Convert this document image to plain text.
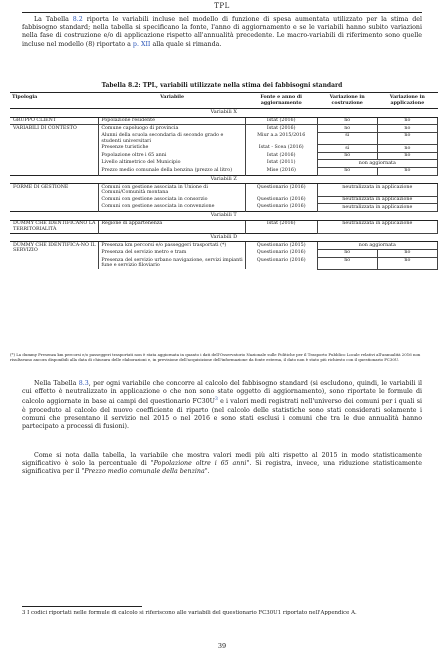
TPL

La Tabella 8.2 riporta le variabili incluse nel modello di funzione di spesa aumentata utilizzato per la stima del fabbisogno standard; nella tabella si specificano la fonte, l'anno di aggiornamento e se le variabili hanno subito variazioni nella fase di costruzione e/o di applicazione rispetto all'annualità precedente. Le macro-variabili di riferimento sono quelle incluse nel modello (8) riportato a p. XII alla quale si rimanda.

Tabella 8.2: TPL, variabili utilizzate nella stima dei fabbisogni standard
Tipologia	Variabile	Fonte e anno di aggiornamento	Variazione in costruzione	Variazione in applicazione
Variabili X				
GRUPPO CLIENT	Popolazione residente	Istat (2016)	no	no
VARIABILI DI CONTESTO	Comune capoluogo di provincia	Istat (2016)	no	no
	Alunni della scuola secondaria di secondo grado e studenti universitari	Miur a.a 2015/2016	si	no
	Presenze turistiche	Istat - Scea (2016)	si	no
	Popolazione oltre i 65 anni	Istat (2016)	no	no
	Livello altimetrico del Municipio	Istat (2011)	non aggiornata	
	Prezzo medio comunale della benzina (prezzo al litro)	Mise (2016)	no	no
Variabili Z				
FORME DI GESTIONE	Comuni con gestione associata in Unione di Comuni/Comunità montana	Questionario (2016)	neutralizzata in applicazione	
	Comuni con gestione associata in consorzio	Questionario (2016)	neutralizzata in applicazione	
	Comuni con gestione associata in convenzione	Questionario (2016)	neutralizzata in applicazione	
Variabili T				
DUMMY CHE IDENTIFICANO LA TERRITORIALITÀ	Regione di appartenenza	Istat (2016)	neutralizzata in applicazione	
Variabili D				
DUMMY CHE IDENTIFICA-NO IL SERVIZIO	Presenza km percorsi e/o passeggeri trasportati (*)	Questionario (2015)	non aggiornata	
	Presenza del servizio metro e tram	Questionario (2016)	no	no
	Presenza del servizio urbano navigazione, servizi impianti fune e servizio filoviario	Questionario (2016)	no	no

(*) La dummy Presenza km percorsi e/o passeggeri trasportati non è stata aggiornata in quanto i dati dell'Osservatorio Nazionale sulle Politiche per il Trasporto Pubblico Locale relativi all'annualità 2016 non risultavano ancora disponibili alla data di chiusura delle elaborazioni e, in previsione dell'acquisizione dell'informazione da fonte esterna, il dato non è stato più richiesto con il questionario FC30U.

Nella Tabella 8.3, per ogni variabile che concorre al calcolo del fabbisogno standard (si escludono, quindi, le variabili il cui effetto è neutralizzato in applicazione o che non sono state oggetto di aggiornamento), sono riportate le formule di calcolo aggiornate in base ai campi del questionario $FC30U^3$ e i valori medi registrati nell'universo dei comuni per i quali si è proceduto al calcolo del nuovo coefficiente di riparto (nel calcolo delle statistiche sono stati considerati solamente i comuni che presentano il servizio nel 2015 o nel 2016 e sono stati esclusi i comuni che tra le due annualità hanno partecipato a processi di fusioni).

Come si nota dalla tabella, la variabile che mostra valori medi più alti rispetto al 2015 in modo statisticamente significativo è solo la percentuale di "Popolazione oltre i 65 anni". Si registra, invece, una riduzione statisticamente significativa per il "Prezzo medio comunale della benzina".

3 I codici riportati nelle formule di calcolo si riferiscono alle variabili del questionario FC30U1 riportato nell'Appendice A.
39
